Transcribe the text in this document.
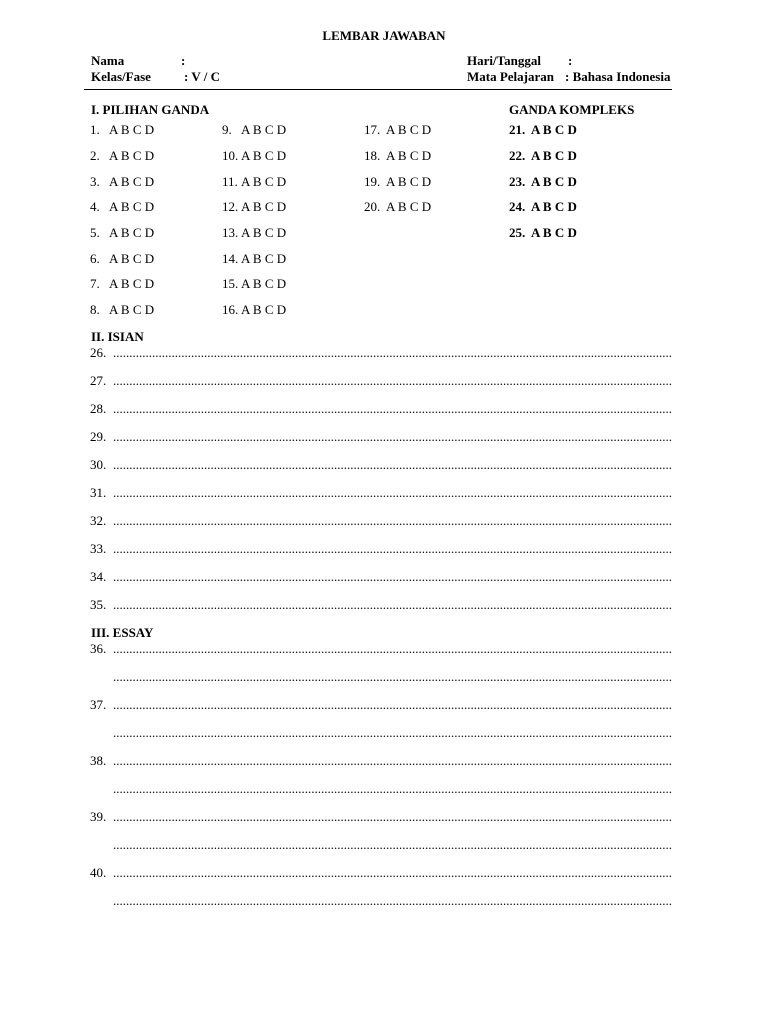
LEMBAR JAWABAN
Nama	:
Kelas/Fase	: V / C
Hari/Tanggal :
Mata Pelajaran : Bahasa Indonesia
I. PILIHAN GANDA	GANDA KOMPLEKS
1. A B C D
2. A B C D
3. A B C D
4. A B C D
5. A B C D
6. A B C D
7. A B C D
8. A B C D
9. A B C D
10. A B C D
11. A B C D
12. A B C D
13. A B C D
14. A B C D
15. A B C D
16. A B C D
17. A B C D
18. A B C D
19. A B C D
20. A B C D
21. A B C D
22. A B C D
23. A B C D
24. A B C D
25. A B C D
II. ISIAN
26. ............................................................................................................................................................................
27. ............................................................................................................................................................................
28. ............................................................................................................................................................................
29. ............................................................................................................................................................................
30. ............................................................................................................................................................................
31. ............................................................................................................................................................................
32. ............................................................................................................................................................................
33. ............................................................................................................................................................................
34. ............................................................................................................................................................................
35. ............................................................................................................................................................................
III. ESSAY
36. ............................................................................................................................................................................
............................................................................................................................................................................
37. ............................................................................................................................................................................
............................................................................................................................................................................
38. ............................................................................................................................................................................
............................................................................................................................................................................
39. ............................................................................................................................................................................
............................................................................................................................................................................
40. ............................................................................................................................................................................
............................................................................................................................................................................
